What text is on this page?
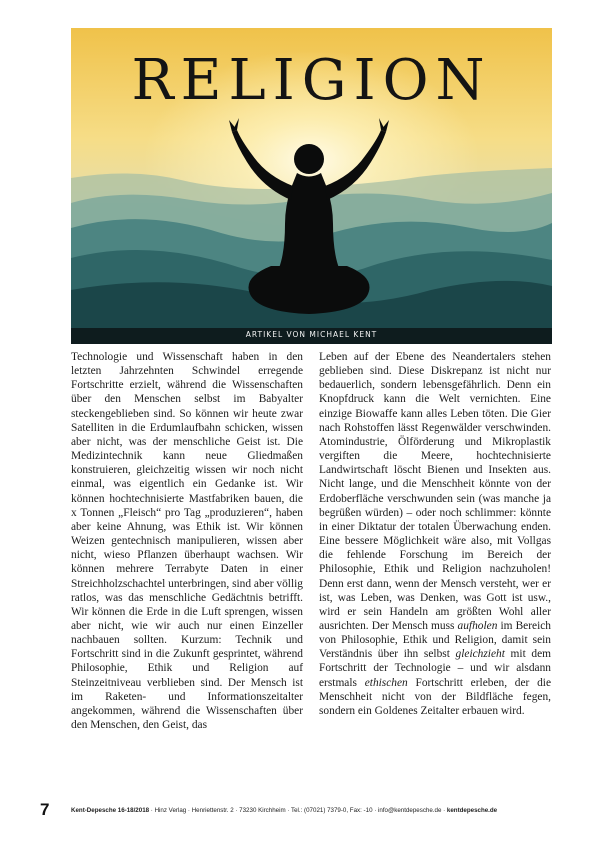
RELIGION
ARTIKEL VON MICHAEL KENT

Technologie und Wissenschaft haben in den letzten Jahrzehnten Schwindel erregende Fortschritte erzielt, während die Wissenschaften über den Menschen selbst im Babyalter steckengeblieben sind. So können wir heute zwar Satelliten in die Erdumlaufbahn schicken, wissen aber nicht, was der menschliche Geist ist. Die Medizintechnik kann neue Gliedmaßen konstruieren, gleichzeitig wissen wir noch nicht einmal, was eigentlich ein Gedanke ist. Wir können hochtechnisierte Mastfabriken bauen, die x Tonnen „Fleisch“ pro Tag „produzieren“, haben aber keine Ahnung, was Ethik ist. Wir können Weizen gentechnisch manipulieren, wissen aber nicht, wieso Pflanzen überhaupt wachsen. Wir können mehrere Terrabyte Daten in einer Streichholzschachtel unterbringen, sind aber völlig ratlos, was das menschliche Gedächtnis betrifft. Wir können die Erde in die Luft sprengen, wissen aber nicht, wie wir auch nur einen Einzeller nachbauen sollten. Kurzum: Technik und Fortschritt sind in die Zukunft gesprintet, während Philosophie, Ethik und Religion auf Steinzeitniveau verblieben sind. Der Mensch ist im Raketen- und Informationszeitalter angekommen, während die Wissenschaften über den Menschen, den Geist, das

Leben auf der Ebene des Neandertalers stehen geblieben sind. Diese Diskrepanz ist nicht nur bedauerlich, sondern lebensgefährlich. Denn ein Knopfdruck kann die Welt vernichten. Eine einzige Biowaffe kann alles Leben töten. Die Gier nach Rohstoffen lässt Regenwälder verschwinden. Atomindustrie, Ölförderung und Mikroplastik vergiften die Meere, hochtechnisierte Landwirtschaft löscht Bienen und Insekten aus. Nicht lange, und die Menschheit könnte von der Erdoberfläche verschwunden sein (was manche ja begrüßen würden) – oder noch schlimmer: könnte in einer Diktatur der totalen Überwachung enden. Eine bessere Möglichkeit wäre also, mit Vollgas die fehlende Forschung im Bereich der Philosophie, Ethik und Religion nachzuholen! Denn erst dann, wenn der Mensch versteht, wer er ist, was Leben, was Denken, was Gott ist usw., wird er sein Handeln am größten Wohl aller ausrichten. Der Mensch muss aufholen im Bereich von Philosophie, Ethik und Religion, damit sein Verständnis über ihn selbst gleichzieht mit dem Fortschritt der Technologie – und wir alsdann erstmals ethischen Fortschritt erleben, der die Menschheit nicht von der Bildfläche fegen, sondern ein Goldenes Zeitalter erbauen wird.

7	Kent-Depesche 16-18/2018 · Hinz Verlag · Henriettenstr. 2 · 73230 Kirchheim · Tel.: (07021) 7379-0, Fax: -10 · info@kentdepesche.de · kentdepesche.de
